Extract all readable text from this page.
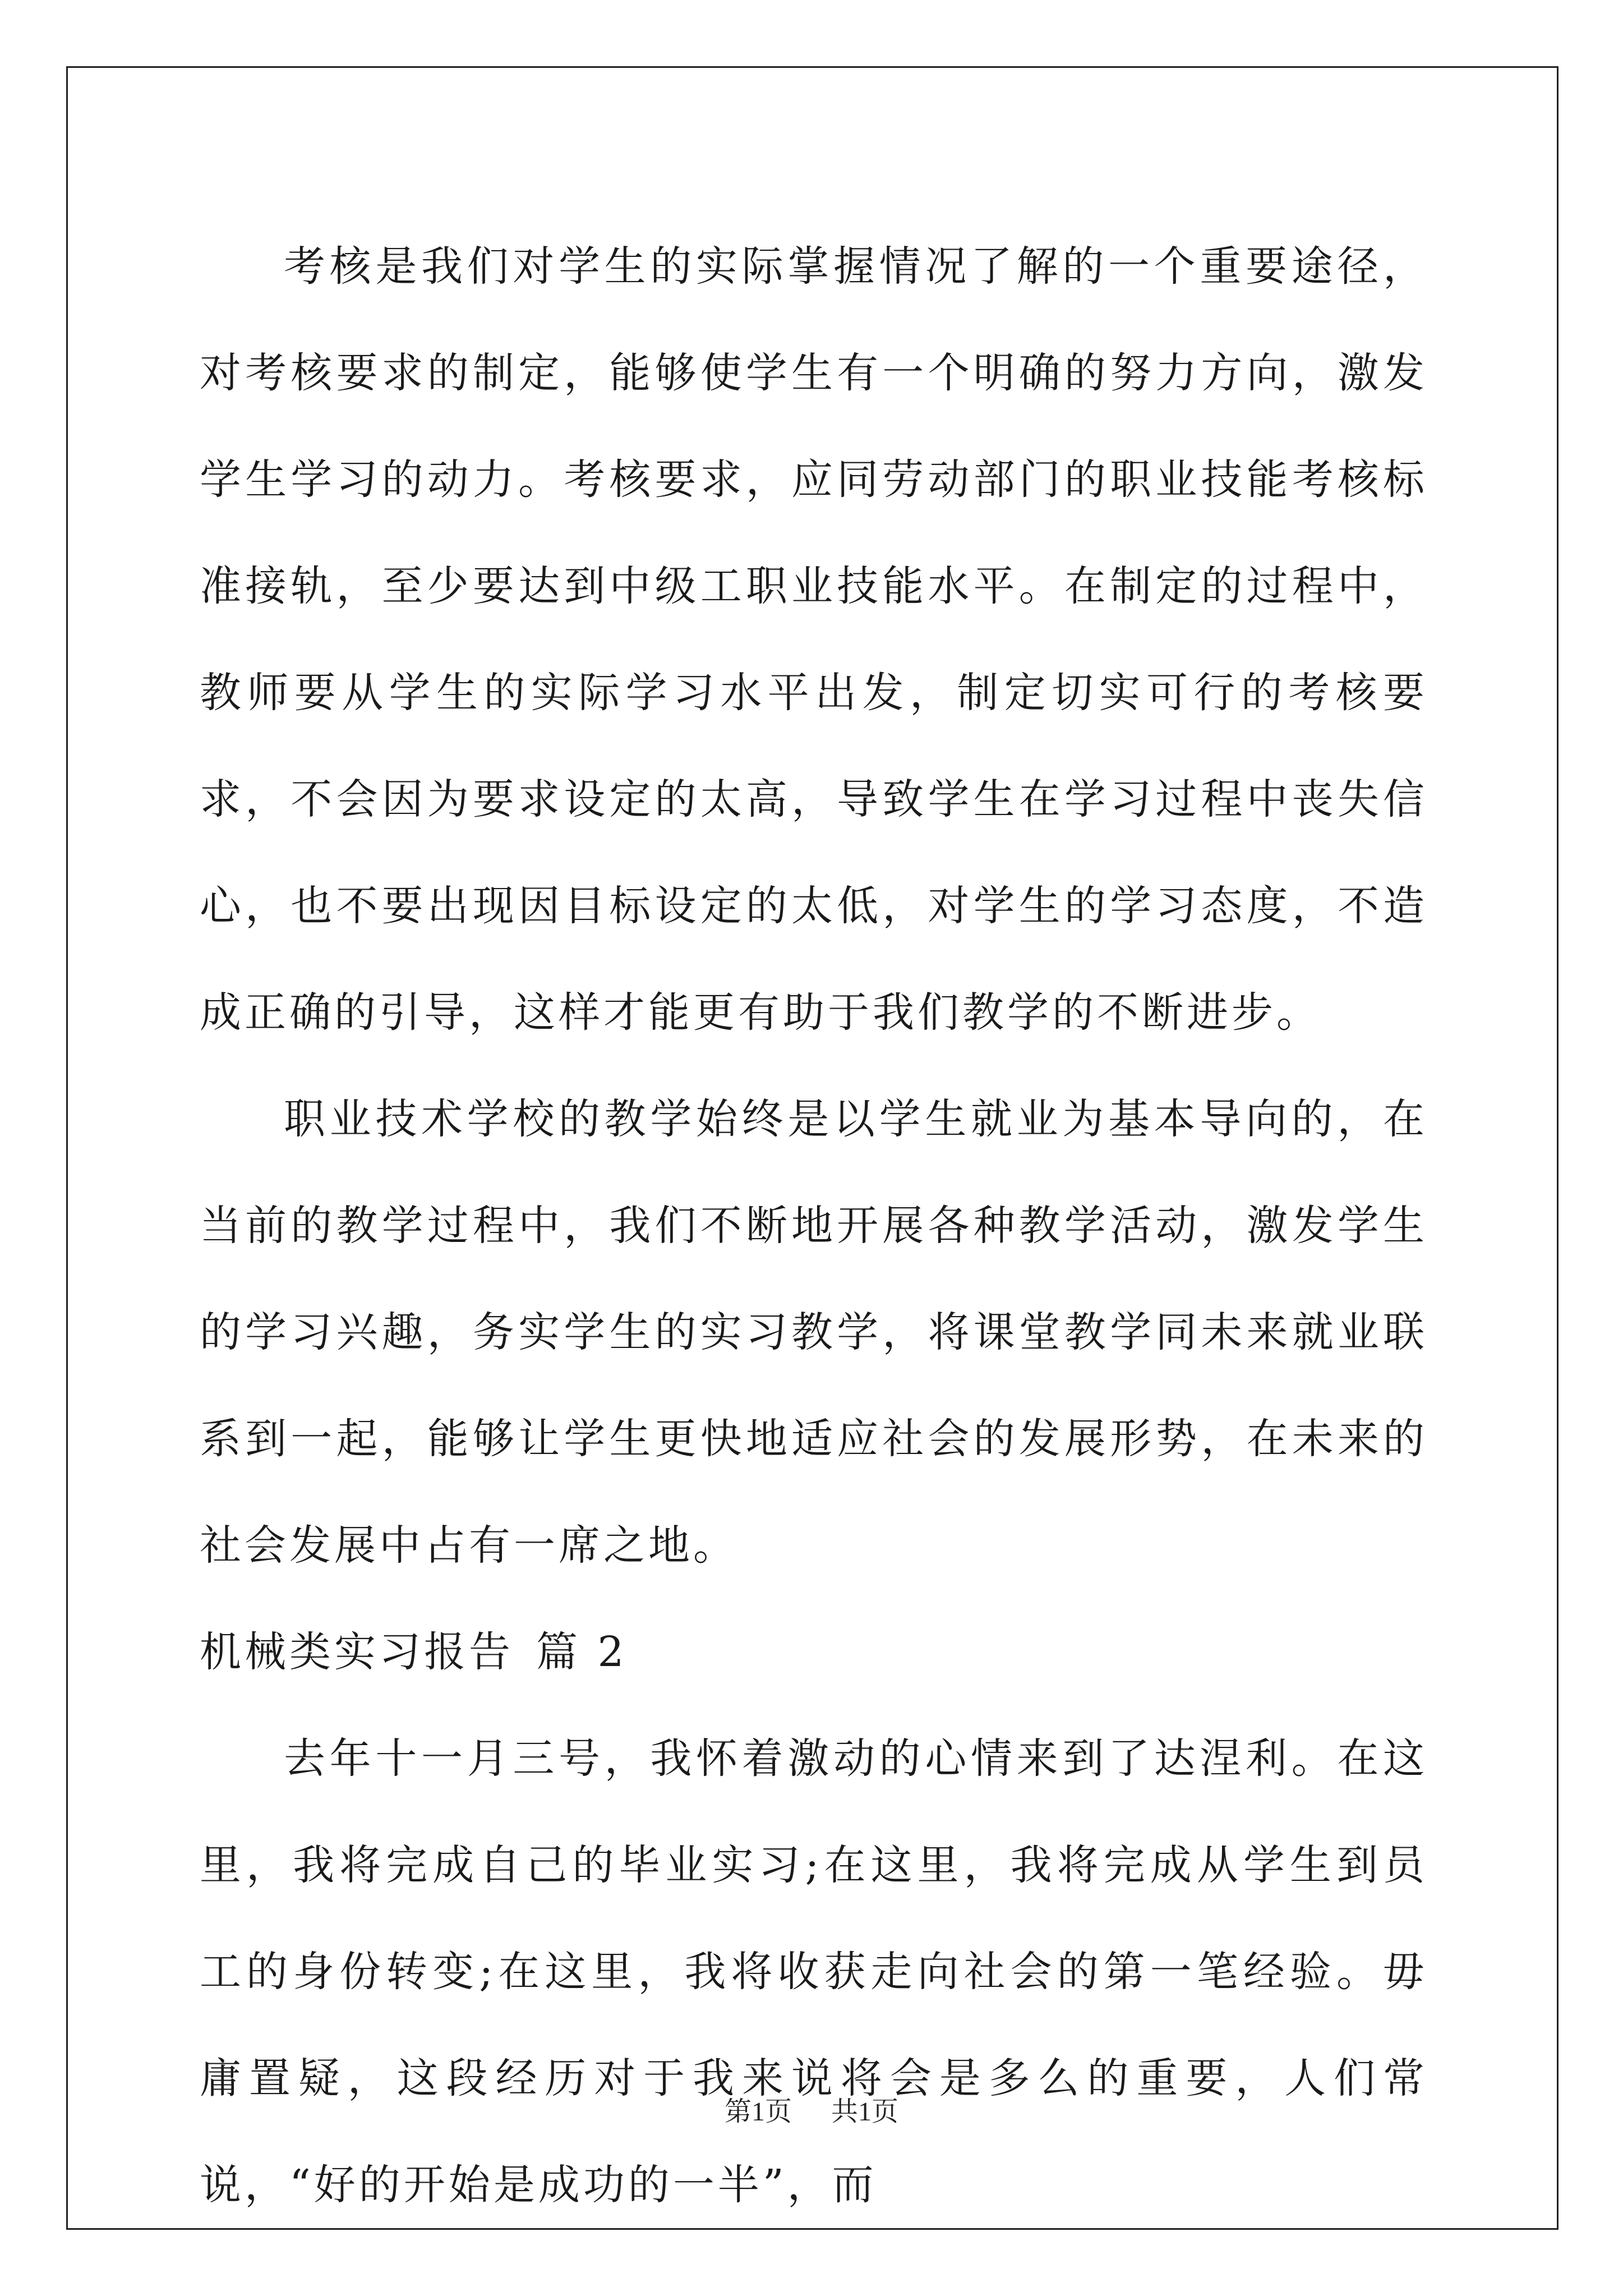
考核是我们对学生的实际掌握情况了解的一个重要途径，对考核要求的制定，能够使学生有一个明确的努力方向，激发学生学习的动力。考核要求，应同劳动部门的职业技能考核标准接轨，至少要达到中级工职业技能水平。在制定的过程中，教师要从学生的实际学习水平出发，制定切实可行的考核要求，不会因为要求设定的太高，导致学生在学习过程中丧失信心，也不要出现因目标设定的太低，对学生的学习态度，不造成正确的引导，这样才能更有助于我们教学的不断进步。

职业技术学校的教学始终是以学生就业为基本导向的，在当前的教学过程中，我们不断地开展各种教学活动，激发学生的学习兴趣，务实学生的实习教学，将课堂教学同未来就业联系到一起，能够让学生更快地适应社会的发展形势，在未来的社会发展中占有一席之地。

机械类实习报告 篇 2

去年十一月三号，我怀着激动的心情来到了达涅利。在这里，我将完成自己的毕业实习;在这里，我将完成从学生到员工的身份转变;在这里，我将收获走向社会的第一笔经验。毋庸置疑，这段经历对于我来说将会是多么的重要，人们常说，“好的开始是成功的一半”，而

第1页 共1页
